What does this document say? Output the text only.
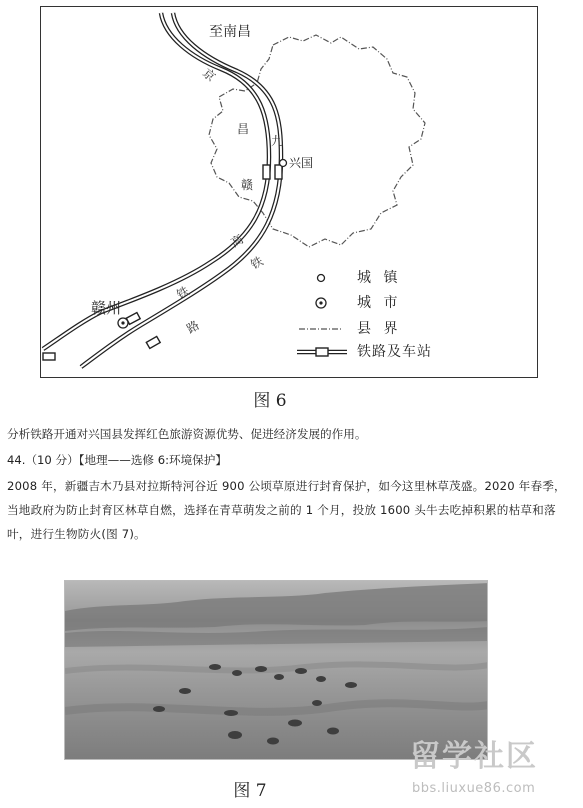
至南昌
京
九
昌
赣
高
铁
铁
路
兴国
赣州
城 镇
城 市
县 界
铁路及车站
图 6

分析铁路开通对兴国县发挥红色旅游资源优势、促进经济发展的作用。

44.（10 分）【地理——选修 6:环境保护】

2008 年，新疆吉木乃县对拉斯特河谷近 900 公顷草原进行封育保护，如今这里林草茂盛。2020 年春季，当地政府为防止封育区林草自燃，选择在青草萌发之前的 1 个月，投放 1600 头牛去吃掉积累的枯草和落叶，进行生物防火(图 7)。

图 7
留学社区
bbs.liuxue86.com
